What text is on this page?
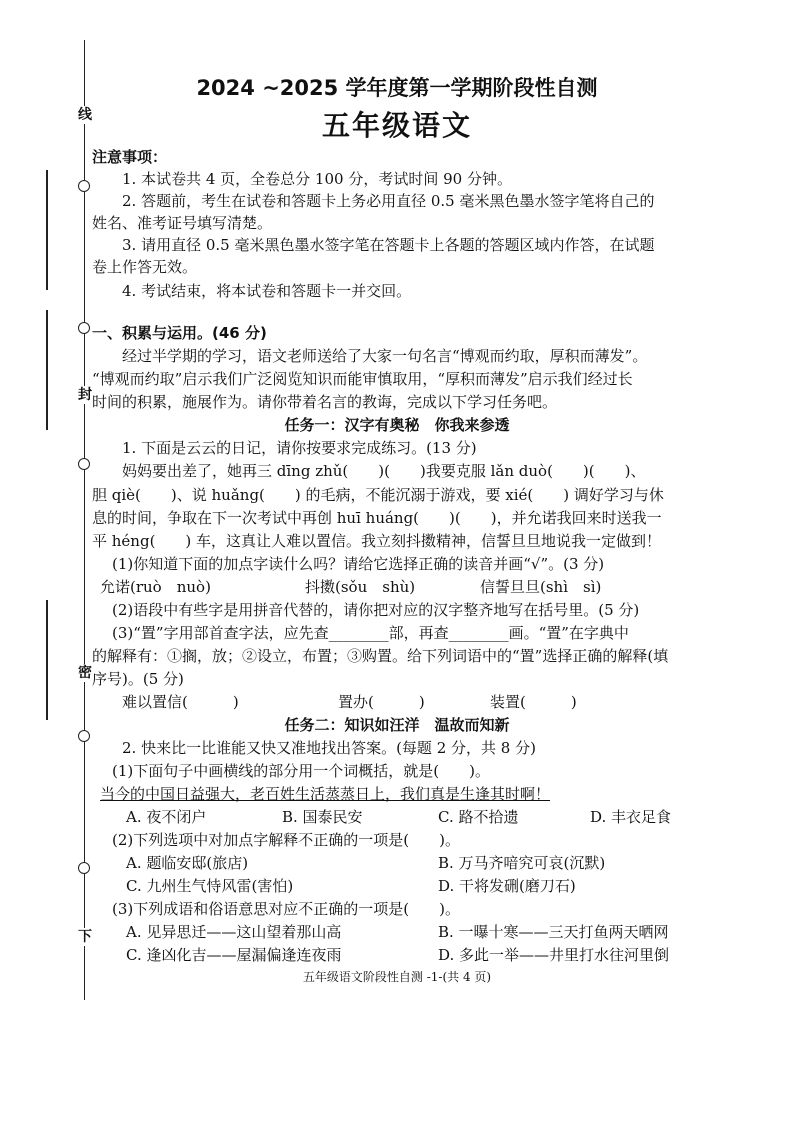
线
封
密
下
2024 ~2025 学年度第一学期阶段性自测
五年级语文
注意事项：
1. 本试卷共 4 页，全卷总分 100 分，考试时间 90 分钟。
2. 答题前，考生在试卷和答题卡上务必用直径 0.5 毫米黑色墨水签字笔将自己的
姓名、准考证号填写清楚。
3. 请用直径 0.5 毫米黑色墨水签字笔在答题卡上各题的答题区域内作答，在试题
卷上作答无效。
4. 考试结束，将本试卷和答题卡一并交回。
一、积累与运用。(46 分)
经过半学期的学习，语文老师送给了大家一句名言“博观而约取，厚积而薄发”。
“博观而约取”启示我们广泛阅览知识而能审慎取用，“厚积而薄发”启示我们经过长
时间的积累，施展作为。请你带着名言的教诲，完成以下学习任务吧。
任务一：汉字有奥秘　你我来参透
1. 下面是云云的日记，请你按要求完成练习。(13 分)
妈妈要出差了，她再三 dīng zhǔ(　　)(　　)我要克服 lǎn duò(　　)(　　)、
胆 qiè(　　)、说 huǎng(　　) 的毛病，不能沉溺于游戏，要 xié(　　) 调好学习与休
息的时间，争取在下一次考试中再创 huī huáng(　　)(　　)，并允诺我回来时送我一
平 héng(　　) 车，这真让人难以置信。我立刻抖擞精神，信誓旦旦地说我一定做到！
(1)你知道下面的加点字读什么吗？请给它选择正确的读音并画“√”。(3 分)
允诺(ruò　nuò)	抖擞(sǒu　shù)	信誓旦旦(shì　sì)
(2)语段中有些字是用拼音代替的，请你把对应的汉字整齐地写在括号里。(5 分)
(3)“置”字用部首查字法，应先查________部，再查________画。“置”在字典中
的解释有：①搁，放；②设立，布置；③购置。给下列词语中的“置”选择正确的解释(填
序号)。(5 分)
难以置信(　　　)	置办(　　　)	装置(　　　)
任务二：知识如汪洋　温故而知新
2. 快来比一比谁能又快又准地找出答案。(每题 2 分，共 8 分)
(1)下面句子中画横线的部分用一个词概括，就是(　　)。
当今的中国日益强大，老百姓生活蒸蒸日上，我们真是生逢其时啊！
A. 夜不闭户	B. 国泰民安	C. 路不拾遗	D. 丰衣足食
(2)下列选项中对加点字解释不正确的一项是(　　)。
A. 题临安邸(旅店)	B. 万马齐喑究可哀(沉默)
C. 九州生气恃风雷(害怕)	D. 干将发硎(磨刀石)
(3)下列成语和俗语意思对应不正确的一项是(　　)。
A. 见异思迁——这山望着那山高	B. 一曝十寒——三天打鱼两天晒网
C. 逢凶化吉——屋漏偏逢连夜雨	D. 多此一举——井里打水往河里倒
五年级语文阶段性自测 -1-(共 4 页)
